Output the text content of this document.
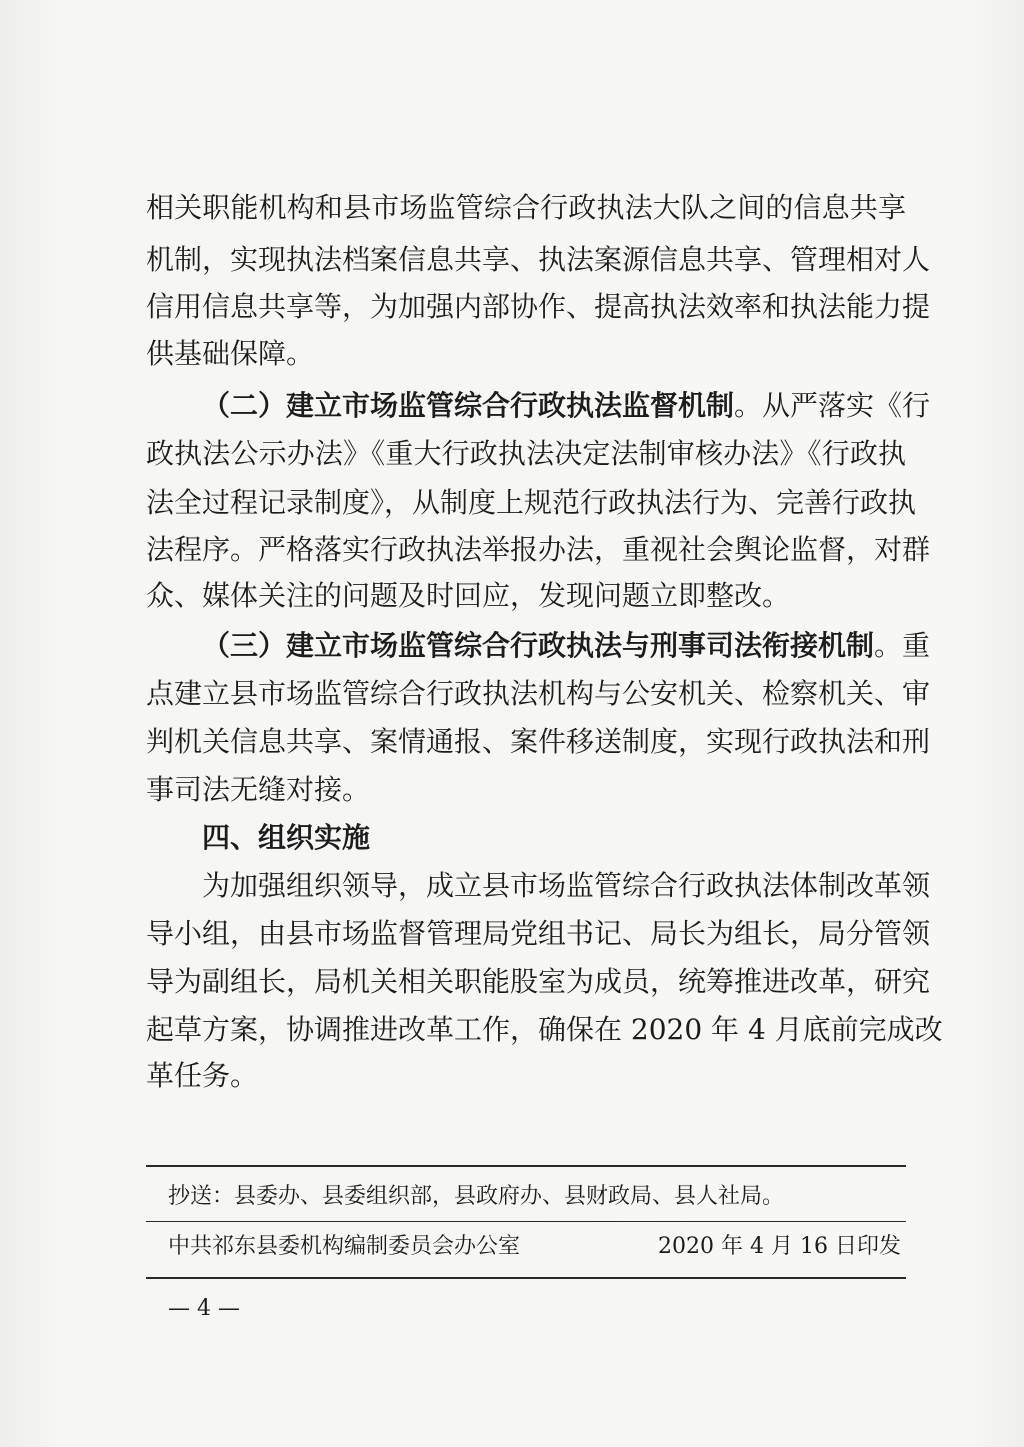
相关职能机构和县市场监管综合行政执法大队之间的信息共享
机制，实现执法档案信息共享、执法案源信息共享、管理相对人
信用信息共享等，为加强内部协作、提高执法效率和执法能力提
供基础保障。
（二）建立市场监管综合行政执法监督机制。从严落实《行
政执法公示办法》《重大行政执法决定法制审核办法》《行政执
法全过程记录制度》，从制度上规范行政执法行为、完善行政执
法程序。严格落实行政执法举报办法，重视社会舆论监督，对群
众、媒体关注的问题及时回应，发现问题立即整改。
（三）建立市场监管综合行政执法与刑事司法衔接机制。重
点建立县市场监管综合行政执法机构与公安机关、检察机关、审
判机关信息共享、案情通报、案件移送制度，实现行政执法和刑
事司法无缝对接。
四、组织实施
为加强组织领导，成立县市场监管综合行政执法体制改革领
导小组，由县市场监督管理局党组书记、局长为组长，局分管领
导为副组长，局机关相关职能股室为成员，统筹推进改革，研究
起草方案，协调推进改革工作，确保在 2020 年 4 月底前完成改
革任务。
抄送：县委办、县委组织部，县政府办、县财政局、县人社局。
中共祁东县委机构编制委员会办公室	2020 年 4 月 16 日印发
— 4 —
